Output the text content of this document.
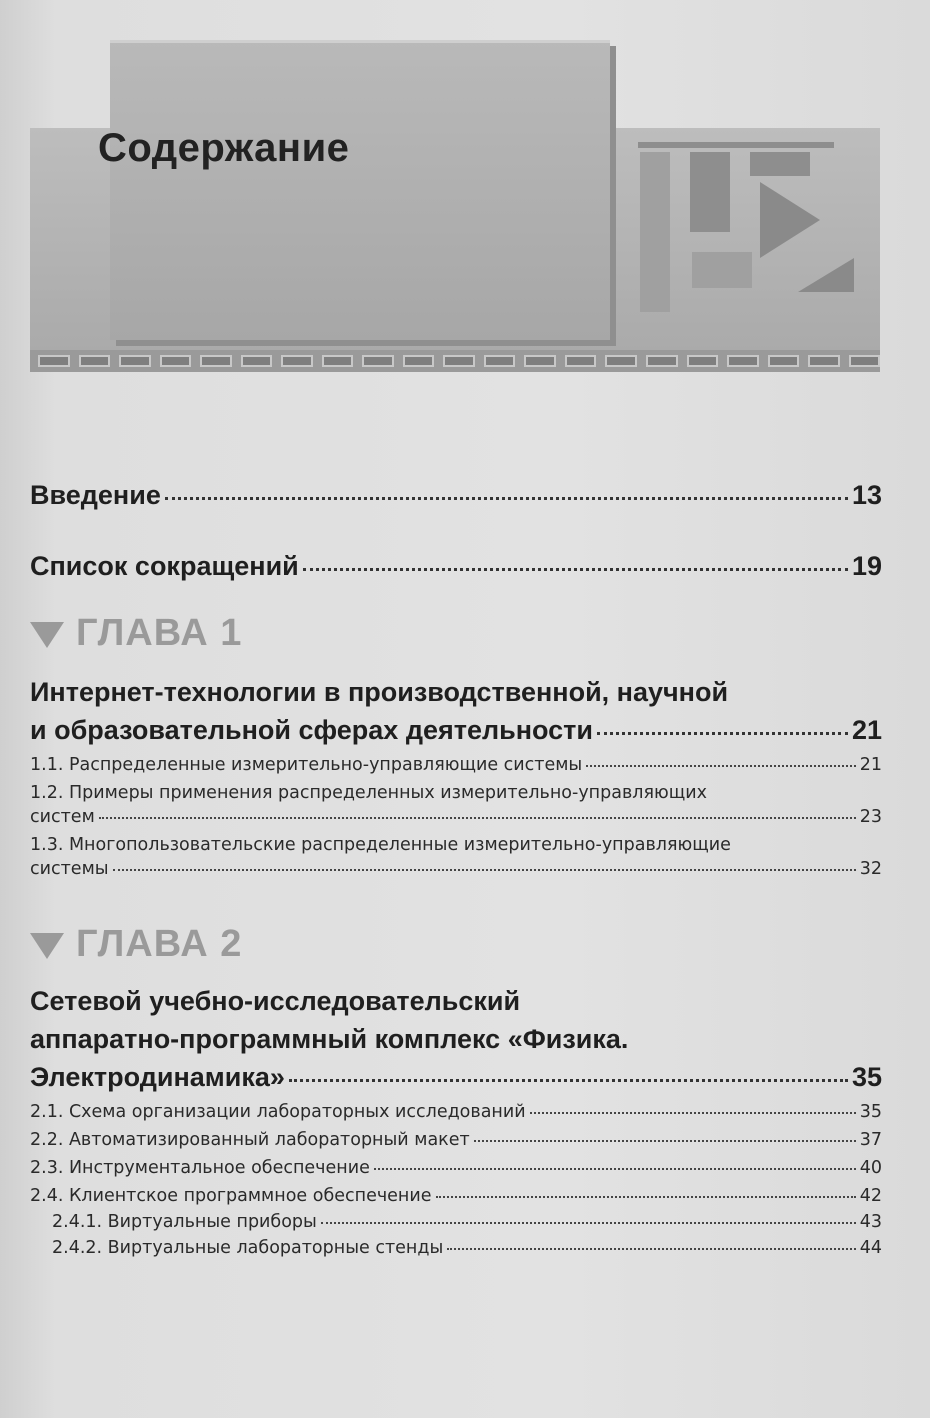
Содержание
Введение	13
Список сокращений	19
ГЛАВА 1
Интернет-технологии в производственной, научной
и образовательной сферах деятельности	21
1.1. Распределенные измерительно-управляющие системы	21
1.2. Примеры применения распределенных измерительно-управляющих
систем	23
1.3. Многопользовательские распределенные измерительно-управляющие
системы	32
ГЛАВА 2
Сетевой учебно-исследовательский
аппаратно-программный комплекс «Физика.
Электродинамика»	35
2.1. Схема организации лабораторных исследований	35
2.2. Автоматизированный лабораторный макет	37
2.3. Инструментальное обеспечение	40
2.4. Клиентское программное обеспечение	42
2.4.1. Виртуальные приборы	43
2.4.2. Виртуальные лабораторные стенды	44
